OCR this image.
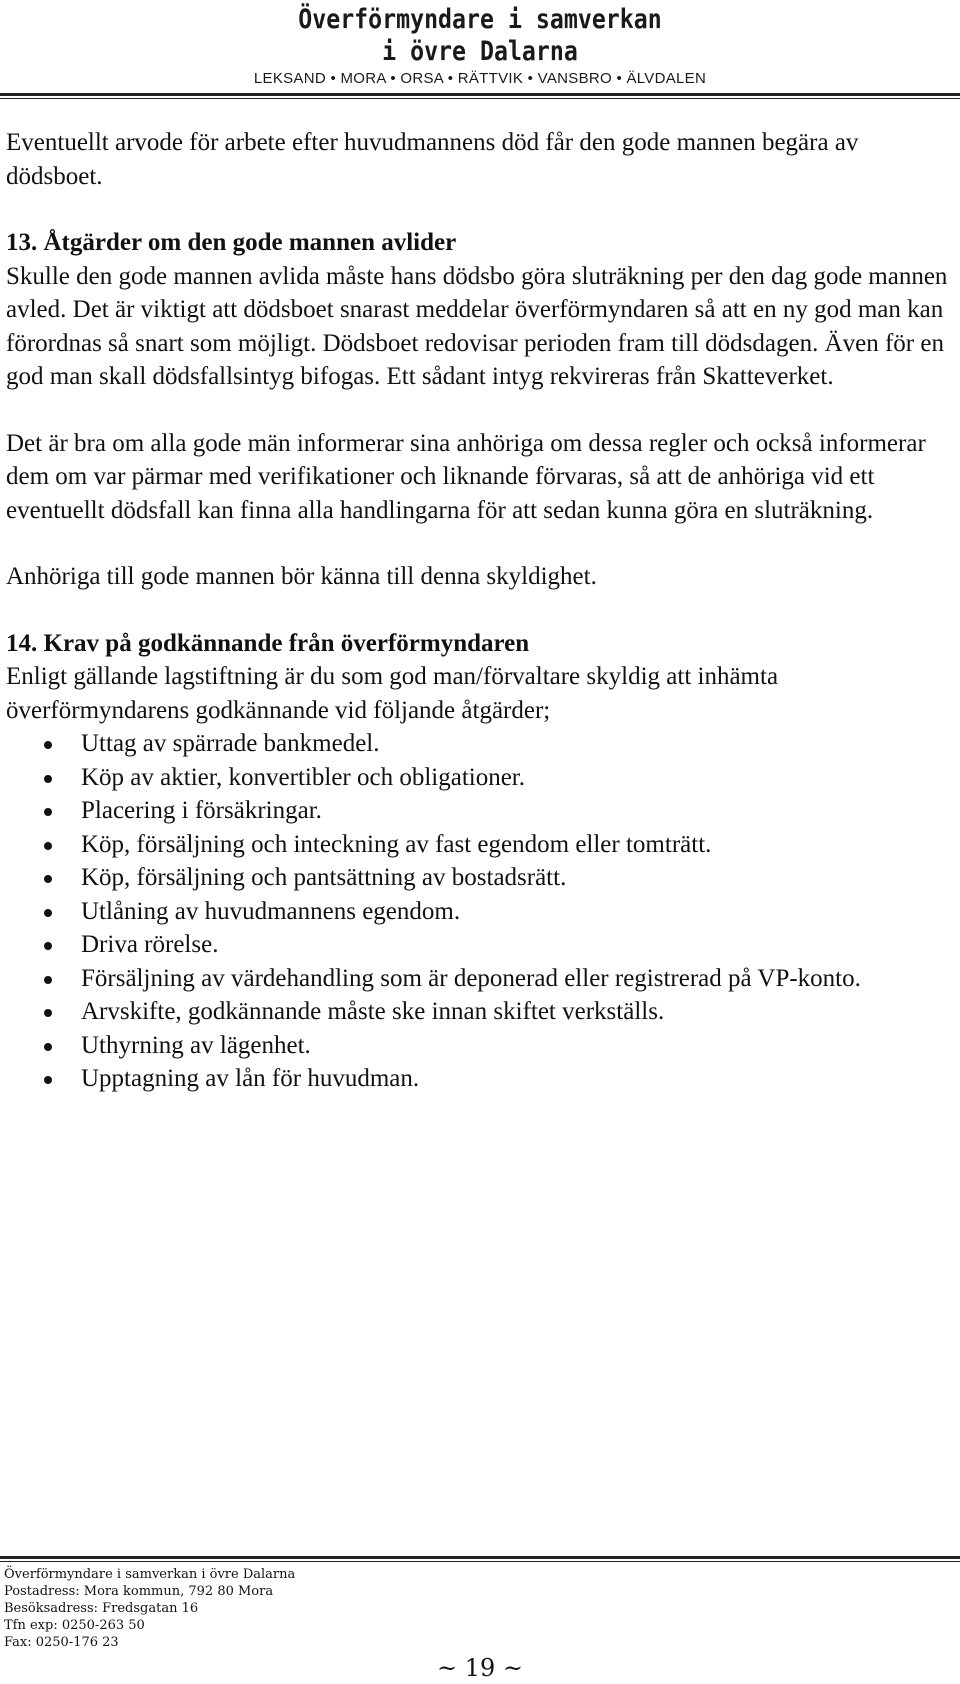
Överförmyndare i samverkan
i övre Dalarna
LEKSAND • MORA • ORSA • RÄTTVIK • VANSBRO • ÄLVDALEN

Eventuellt arvode för arbete efter huvudmannens död får den gode mannen begära av dödsboet.

13. Åtgärder om den gode mannen avlider

Skulle den gode mannen avlida måste hans dödsbo göra sluträkning per den dag gode mannen avled. Det är viktigt att dödsboet snarast meddelar överförmyndaren så att en ny god man kan förordnas så snart som möjligt. Dödsboet redovisar perioden fram till dödsdagen. Även för en god man skall dödsfallsintyg bifogas. Ett sådant intyg rekvireras från Skatteverket.

Det är bra om alla gode män informerar sina anhöriga om dessa regler och också informerar dem om var pärmar med verifikationer och liknande förvaras, så att de anhöriga vid ett eventuellt dödsfall kan finna alla handlingarna för att sedan kunna göra en sluträkning.

Anhöriga till gode mannen bör känna till denna skyldighet.

14. Krav på godkännande från överförmyndaren

Enligt gällande lagstiftning är du som god man/förvaltare skyldig att inhämta överförmyndarens godkännande vid följande åtgärder;

Uttag av spärrade bankmedel.
Köp av aktier, konvertibler och obligationer.
Placering i försäkringar.
Köp, försäljning och inteckning av fast egendom eller tomträtt.
Köp, försäljning och pantsättning av bostadsrätt.
Utlåning av huvudmannens egendom.
Driva rörelse.
Försäljning av värdehandling som är deponerad eller registrerad på VP-konto.
Arvskifte, godkännande måste ske innan skiftet verkställs.
Uthyrning av lägenhet.
Upptagning av lån för huvudman.
Överförmyndare i samverkan i övre Dalarna
Postadress: Mora kommun, 792 80 Mora
Besöksadress: Fredsgatan 16
Tfn exp: 0250-263 50
Fax: 0250-176 23
~ 19 ~
